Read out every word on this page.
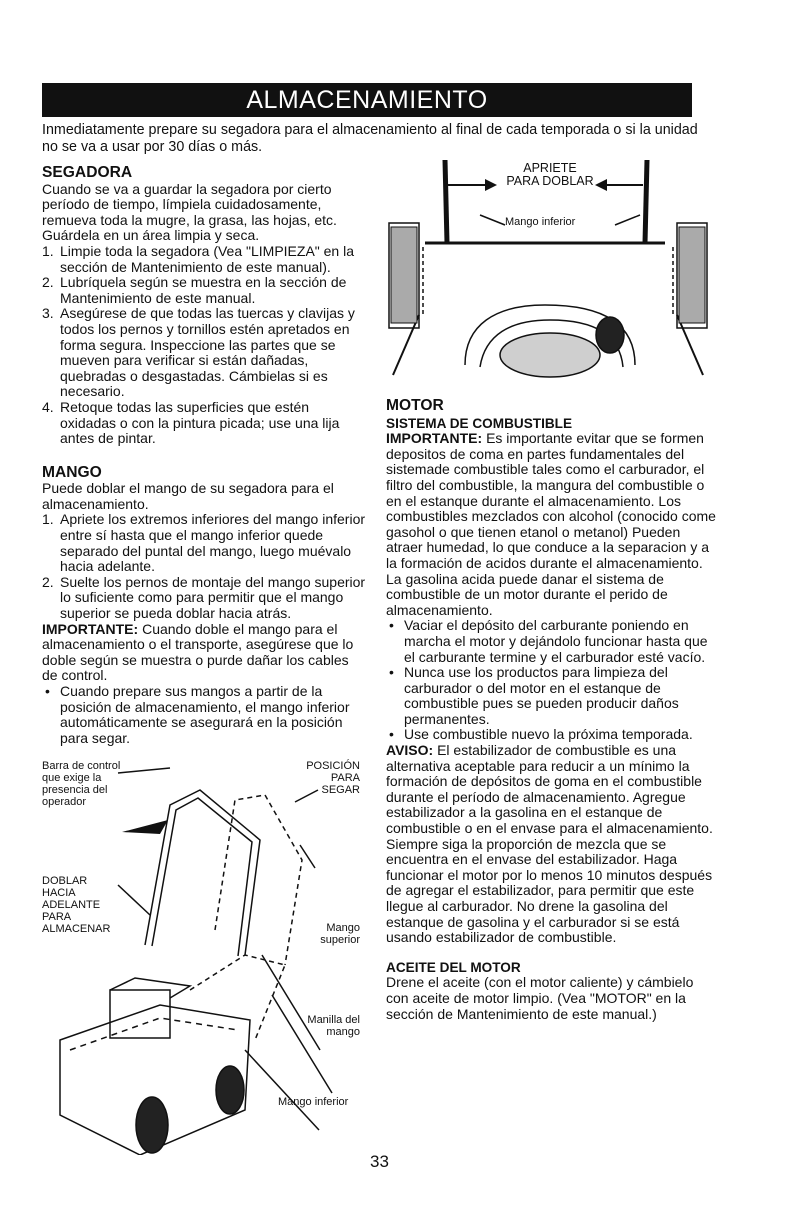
ALMACENAMIENTO

Inmediatamente prepare su segadora para el almacenamiento al final de cada temporada o si la unidad no se va a usar por 30 días o más.

SEGADORA

Cuando se va a guardar la segadora por cierto período de tiempo, límpiela cuidadosamente, remueva toda la mugre, la grasa, las hojas, etc. Guárdela en un área limpia y seca.

1. Limpie toda la segadora (Vea "LIMPIEZA" en la sección de Mantenimiento de este manual).
2. Lubríquela según se muestra en la sección de Mantenimiento de este manual.
3. Asegúrese de que todas las tuercas y clavijas y todos los pernos y tornillos estén apretados en forma segura. Inspeccione las partes que se mueven para verificar si están dañadas, quebradas o desgastadas. Cámbielas si es necesario.
4. Retoque todas las superficies que estén oxidadas o con la pintura picada; use una lija antes de pintar.
MANGO

Puede doblar el mango de su segadora para el almacenamiento.

1. Apriete los extremos inferiores del mango inferior entre sí hasta que el mango inferior quede separado del puntal del mango, luego muévalo hacia adelante.
2. Suelte los pernos de montaje del mango superior lo suficiente como para permitir que el mango superior se pueda doblar hacia atrás.

IMPORTANTE: Cuando doble el mango para el almacenamiento o el transporte, asegúrese que lo doble según se muestra o purde dañar los cables de control.

• Cuando prepare sus mangos a partir de la posición de almacenamiento, el mango inferior automáticamente se asegurará en la posición para segar.
Barra de control
que exige la
presencia del
operador
POSICIÓN
PARA
SEGAR
DOBLAR
HACIA
ADELANTE
PARA
ALMACENAR	Mango
superior
Manilla del
mango
Mango inferior
APRIETE
PARA DOBLAR
Mango inferior
MOTOR
SISTEMA DE COMBUSTIBLE

IMPORTANTE: Es importante evitar que se formen depositos de coma en partes fundamentales del sistemade combustible tales como el carburador, el filtro del combustible, la mangura del combustible o en el estanque durante el almacenamiento. Los combustibles mezclados con alcohol (conocido come gasohol o que tienen etanol o metanol) Pueden atraer humedad, lo que conduce a la separacion y a la formación de acidos durante el almacenamiento. La gasolina acida puede danar el sistema de combustible de un motor durante el perido de almacenamiento.

• Vaciar el depósito del carburante poniendo en marcha el motor y dejándolo funcionar hasta que el carburante termine y el carburador esté vacío.
• Nunca use los productos para limpieza del carburador o del motor en el estanque de combustible pues se pueden producir daños permanentes.
• Use combustible nuevo la próxima temporada.

AVISO: El estabilizador de combustible es una alternativa aceptable para reducir a un mínimo la formación de depósitos de goma en el combustible durante el período de almacenamiento. Agregue estabilizador a la gasolina en el estanque de combustible o en el envase para el almacenamiento. Siempre siga la proporción de mezcla que se encuentra en el envase del estabilizador. Haga funcionar el motor por lo menos 10 minutos después de agregar el estabilizador, para permitir que este llegue al carburador. No drene la gasolina del estanque de gasolina y el carburador si se está usando estabilizador de combustible.

ACEITE DEL MOTOR

Drene el aceite (con el motor caliente) y cámbielo con aceite de motor limpio. (Vea "MOTOR" en la sección de Mantenimiento de este manual.)

33
